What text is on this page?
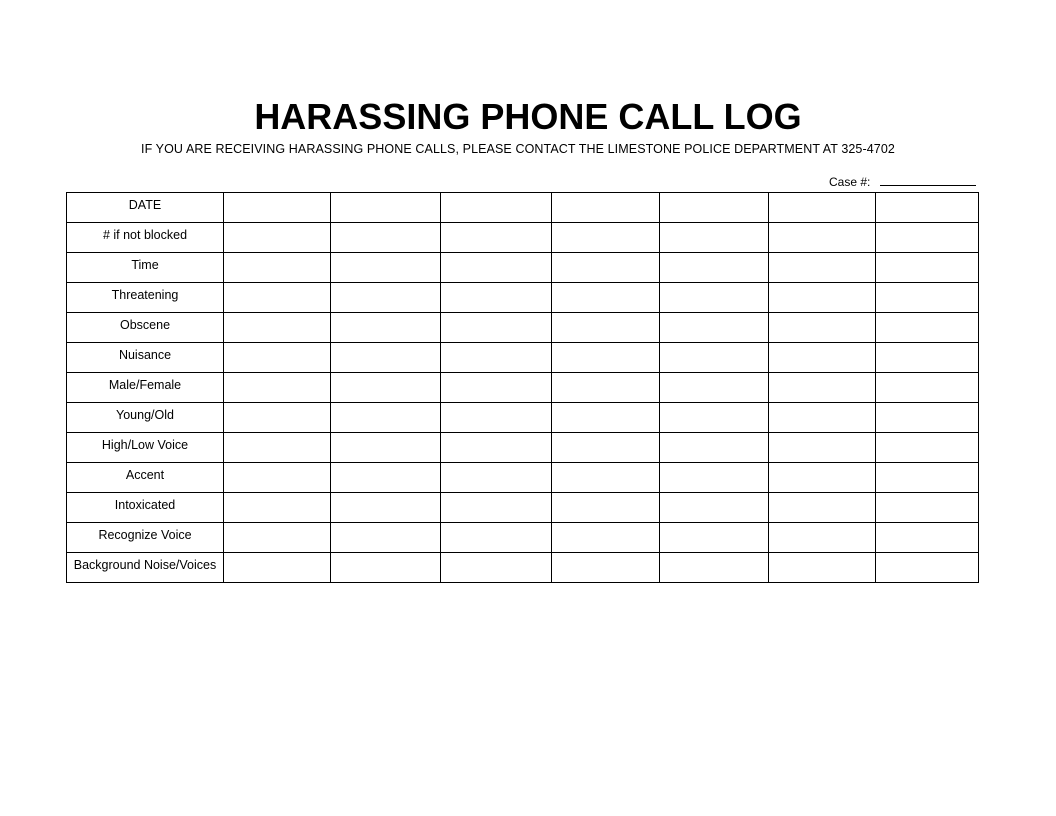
HARASSING PHONE CALL LOG

IF YOU ARE RECEIVING HARASSING PHONE CALLS, PLEASE CONTACT THE LIMESTONE POLICE DEPARTMENT AT 325-4702

Case #:
DATE							
# if not blocked							
Time							
Threatening							
Obscene							
Nuisance							
Male/Female							
Young/Old							
High/Low Voice							
Accent							
Intoxicated							
Recognize Voice							
Background Noise/Voices							
